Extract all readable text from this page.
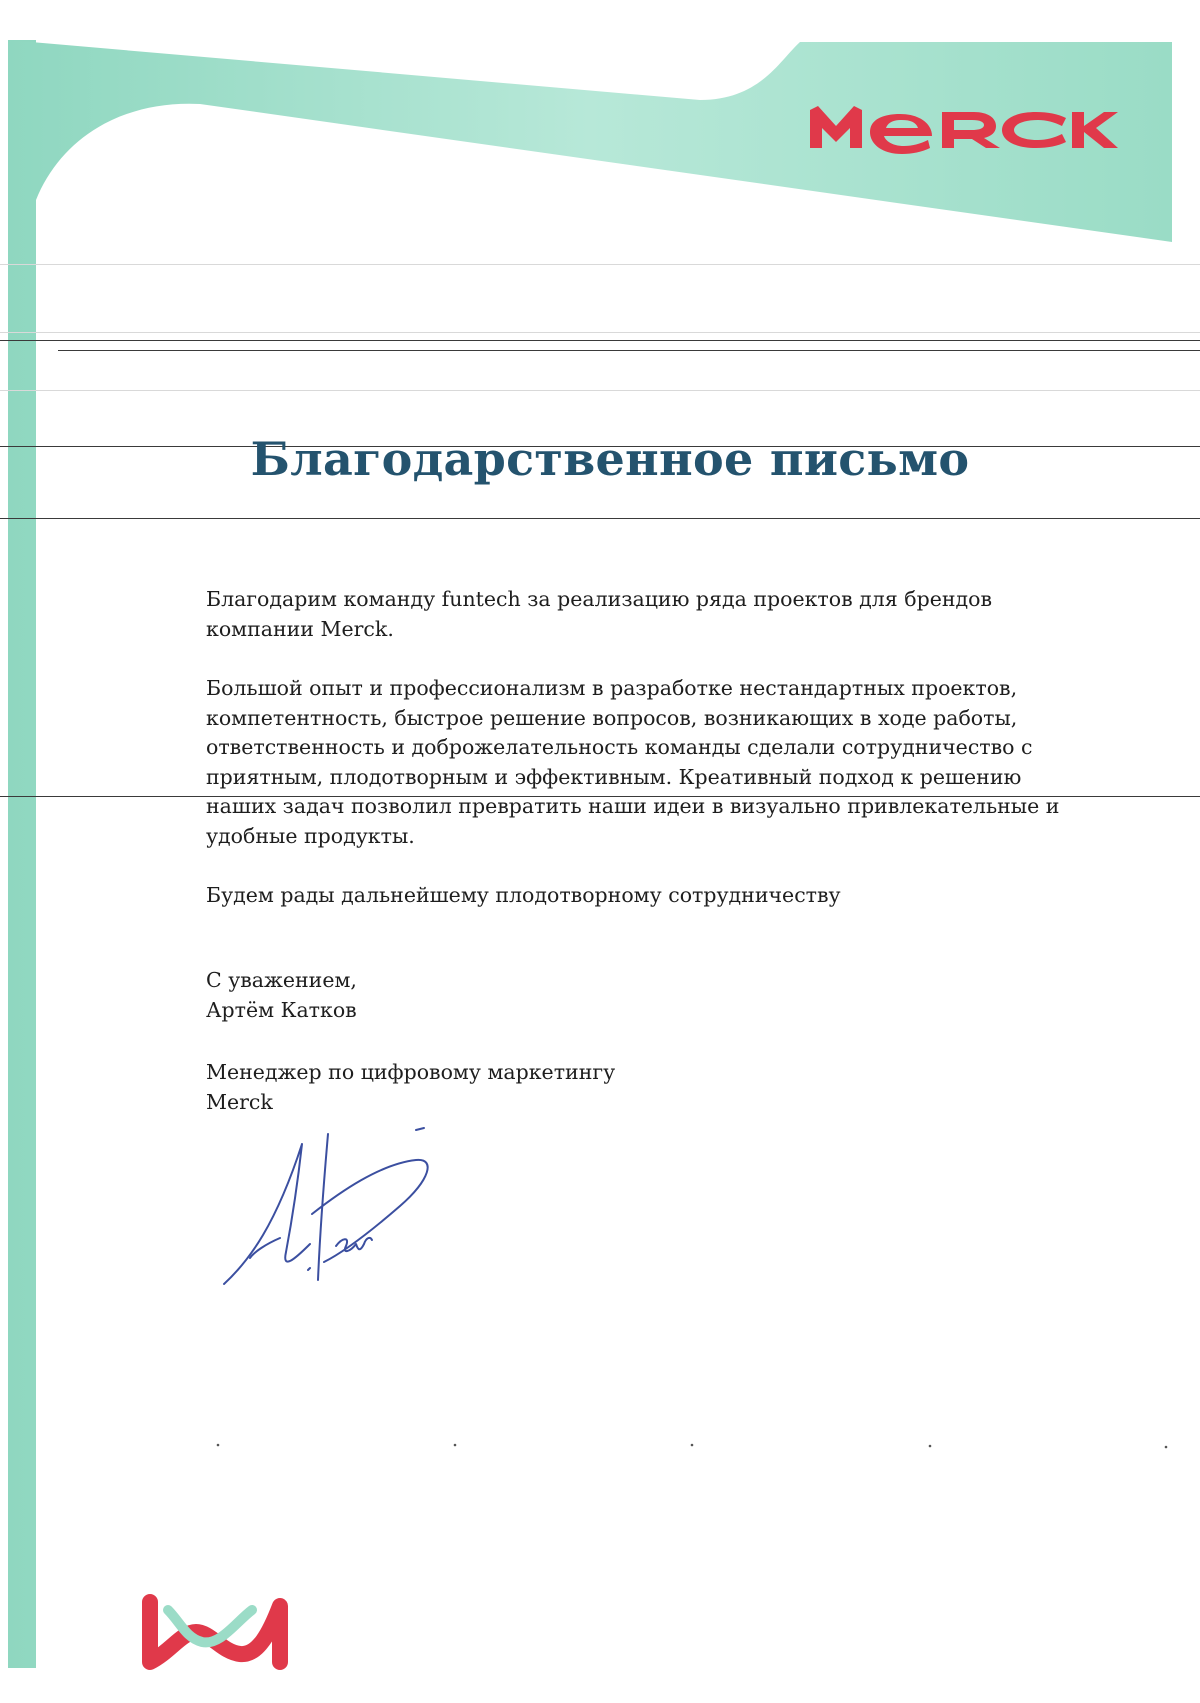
Благодарственное письмо

Благодарим команду funtech за реализацию ряда проектов для брендов компании Merck.

Большой опыт и профессионализм в разработке нестандартных проектов, компетентность, быстрое решение вопросов, возникающих в ходе работы, ответственность и доброжелательность команды сделали сотрудничество с приятным, плодотворным и эффективным. Креативный подход к решению наших задач позволил превратить наши идеи в визуально привлекательные и удобные продукты.

Будем рады дальнейшему плодотворному сотрудничеству

С уважением,
Артём Катков
Менеджер по цифровому маркетингу
Merck
